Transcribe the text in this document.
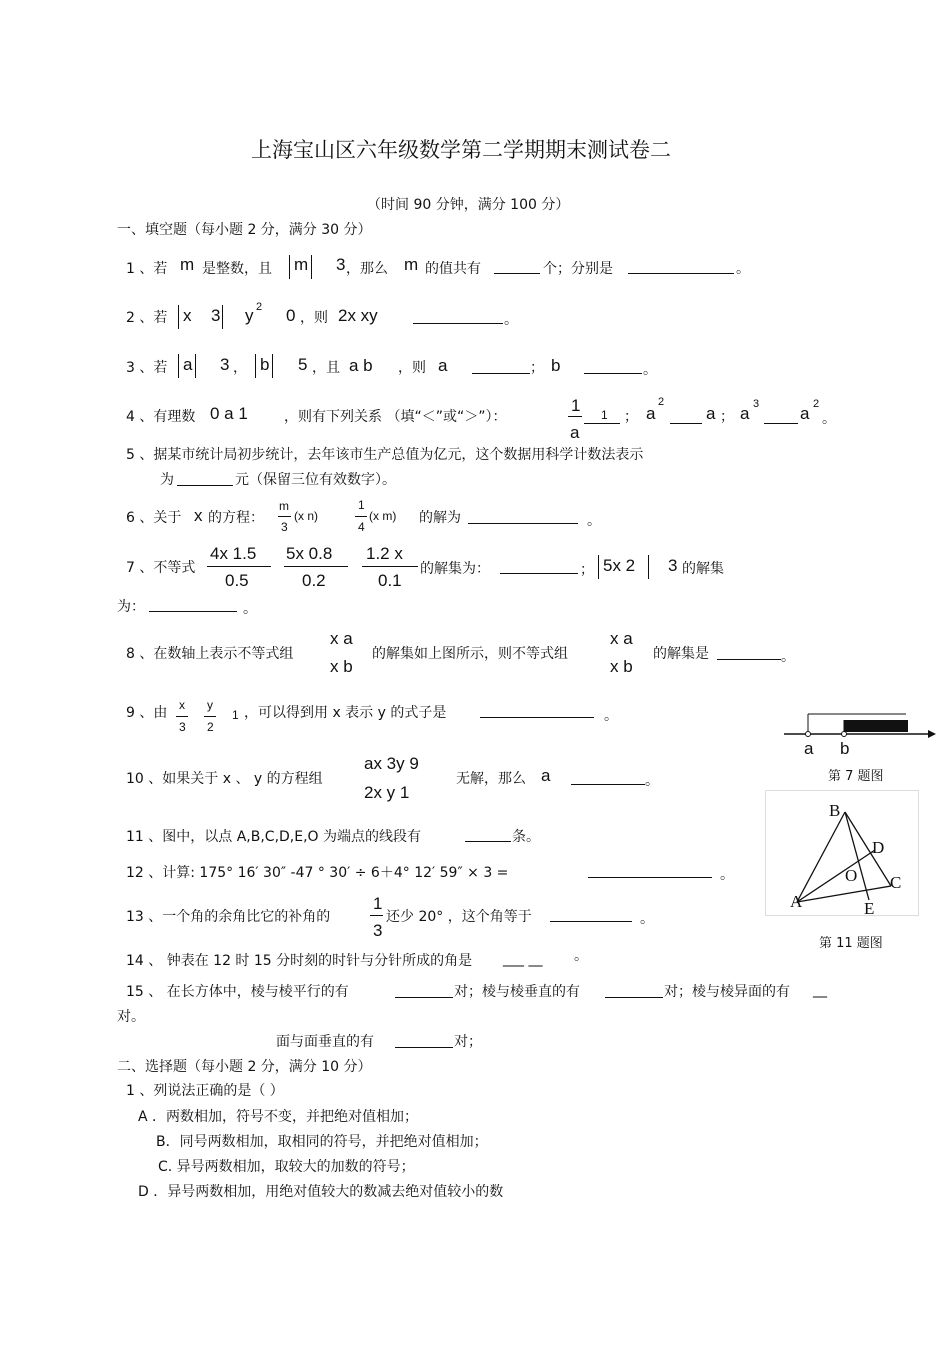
上海宝山区六年级数学第二学期期末测试卷二
（时间 90 分钟，满分 100 分）
一、填空题（每小题 2 分，满分 30 分）
1 、若 m 是整数，且 m 3 ，那么 m 的值共有	个；分别是	。
2 、若 x 3 y 2 0 ，则 2x xy	。
3 、若 a 3 ， b 5 ，且 a b ，则 a	； b	。
4 、有理数 0 a 1	，则有下列关系 （填“＜”或“＞”）：
1
a
1 ； a
2
a ； a 3 a 2
。
5 、据某市统计局初步统计，去年该市生产总值为亿元，这个数据用科学计数法表示
为	元（保留三位有效数字）。
6 、关于 x 的方程：
m
3
(x n)
1
4
(x m) 的解为	。
7 、不等式
4x 1.5
0.5
5x 0.8
0.2
1.2 x
0.1
的解集为：	； 5x 2 3 的解集
为：	。
8 、在数轴上表示不等式组
x a
x b
的解集如上图所示，则不等式组
x a
x b
的解集是	。
a b
第 7 题图
9 、由 x
3
y
2
1 ，可以得到用 x 表示 y 的式子是	。
10 、如果关于 x 、 y 的方程组
ax 3y 9
2x y 1
无解，那么 a	。
B
D
O C
A	E
第 11 题图
11 、图中，以点 A,B,C,D,E,O 为端点的线段有	条。
12 、计算: 175° 16′ 30″ -47 ° 30′ ÷ 6＋4° 12′ 59″ × 3 =	。
13 、一个角的余角比它的补角的
1
3
还少 20° ，这个角等于	。
14 、 钟表在 12 时 15 分时刻的时针与分针所成的角是 ___ __ 。
15 、 在长方体中，棱与棱平行的有	对；棱与棱垂直的有	对；棱与棱异面的有 __
对。
面与面垂直的有	对；
二、选择题（每小题 2 分，满分 10 分）
1 、列说法正确的是（ ）
A ．两数相加，符号不变，并把绝对值相加；
B．同号两数相加，取相同的符号，并把绝对值相加；
C. 异号两数相加，取较大的加数的符号；
D ．异号两数相加，用绝对值较大的数减去绝对值较小的数
